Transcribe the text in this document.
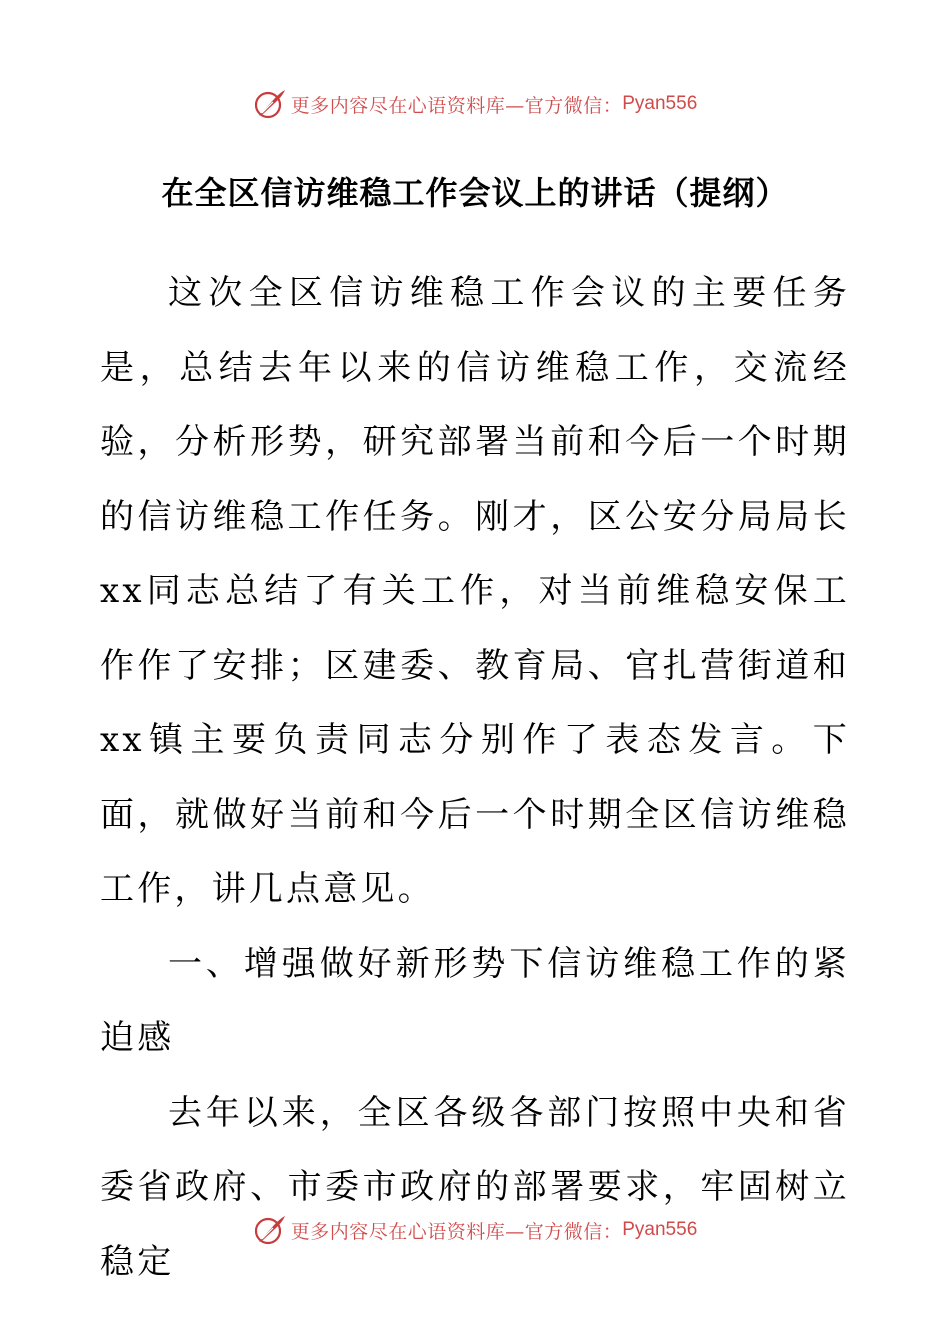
更多内容尽在心语资料库—官方微信： Pyan556
在全区信访维稳工作会议上的讲话（提纲）

这次全区信访维稳工作会议的主要任务是，总结去年以来的信访维稳工作，交流经验，分析形势，研究部署当前和今后一个时期的信访维稳工作任务。刚才，区公安分局局长xx同志总结了有关工作，对当前维稳安保工作作了安排；区建委、教育局、官扎营街道和xx镇主要负责同志分别作了表态发言。下面，就做好当前和今后一个时期全区信访维稳工作，讲几点意见。

一、增强做好新形势下信访维稳工作的紧迫感

去年以来，全区各级各部门按照中央和省委省政府、市委市政府的部署要求，牢固树立稳定

更多内容尽在心语资料库—官方微信： Pyan556
